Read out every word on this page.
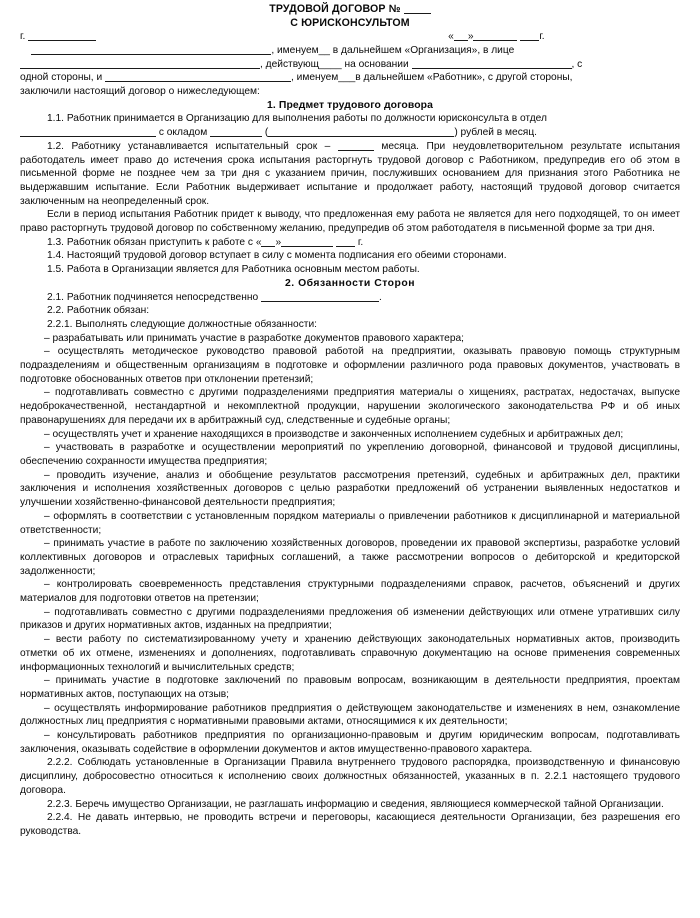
ТРУДОВОЙ ДОГОВОР №
С ЮРИСКОНСУЛЬТОМ
г.	« »	г.

, именуем__ в дальнейшем «Организация», в лице

, действующ____ на основании	, с

одной стороны, и	, именуем___в дальнейшем «Работник», с другой стороны,

заключили настоящий договор о нижеследующем:

1. Предмет трудового договора

1.1. Работник принимается в Организацию для выполнения работы по должности юрисконсульта в отдел

с окладом	(	) рублей в месяц.

1.2. Работнику устанавливается испытательный срок –	месяца. При неудовлетворительном результате испытания работодатель имеет право до истечения срока испытания расторгнуть трудовой договор с Работником, предупредив его об этом в письменной форме не позднее чем за три дня с указанием причин, послуживших основанием для признания этого Работника не выдержавшим испытание. Если Работник выдерживает испытание и продолжает работу, настоящий трудовой договор считается заключенным на неопределенный срок.

Если в период испытания Работник придет к выводу, что предложенная ему работа не является для него подходящей, то он имеет право расторгнуть трудовой договор по собственному желанию, предупредив об этом работодателя в письменной форме за три дня.

1.3. Работник обязан приступить к работе с « »	г.

1.4. Настоящий трудовой договор вступает в силу с момента подписания его обеими сторонами.

1.5. Работа в Организации является для Работника основным местом работы.

2. Обязанности Сторон

2.1. Работник подчиняется непосредственно	.

2.2. Работник обязан:

2.2.1. Выполнять следующие должностные обязанности:

– разрабатывать или принимать участие в разработке документов правового характера;

– осуществлять методическое руководство правовой работой на предприятии, оказывать правовую помощь структурным подразделениям и общественным организациям в подготовке и оформлении различного рода правовых документов, участвовать в подготовке обоснованных ответов при отклонении претензий;

– подготавливать совместно с другими подразделениями предприятия материалы о хищениях, растратах, недостачах, выпуске недоброкачественной, нестандартной и некомплектной продукции, нарушении экологического законодательства РФ и об иных правонарушениях для передачи их в арбитражный суд, следственные и судебные органы;

– осуществлять учет и хранение находящихся в производстве и законченных исполнением судебных и арбитражных дел;

– участвовать в разработке и осуществлении мероприятий по укреплению договорной, финансовой и трудовой дисциплины, обеспечению сохранности имущества предприятия;

– проводить изучение, анализ и обобщение результатов рассмотрения претензий, судебных и арбитражных дел, практики заключения и исполнения хозяйственных договоров с целью разработки предложений об устранении выявленных недостатков и улучшении хозяйственно-финансовой деятельности предприятия;

– оформлять в соответствии с установленным порядком материалы о привлечении работников к дисциплинарной и материальной ответственности;

– принимать участие в работе по заключению хозяйственных договоров, проведении их правовой экспертизы, разработке условий коллективных договоров и отраслевых тарифных соглашений, а также рассмотрении вопросов о дебиторской и кредиторской задолженности;

– контролировать своевременность представления структурными подразделениями справок, расчетов, объяснений и других материалов для подготовки ответов на претензии;

– подготавливать совместно с другими подразделениями предложения об изменении действующих или отмене утративших силу приказов и других нормативных актов, изданных на предприятии;

– вести работу по систематизированному учету и хранению действующих законодательных нормативных актов, производить отметки об их отмене, изменениях и дополнениях, подготавливать справочную документацию на основе применения современных информационных технологий и вычислительных средств;

– принимать участие в подготовке заключений по правовым вопросам, возникающим в деятельности предприятия, проектам нормативных актов, поступающих на отзыв;

– осуществлять информирование работников предприятия о действующем законодательстве и изменениях в нем, ознакомление должностных лиц предприятия с нормативными правовыми актами, относящимися к их деятельности;

– консультировать работников предприятия по организационно-правовым и другим юридическим вопросам, подготавливать заключения, оказывать содействие в оформлении документов и актов имущественно-правового характера.

2.2.2. Соблюдать установленные в Организации Правила внутреннего трудового распорядка, производственную и финансовую дисциплину, добросовестно относиться к исполнению своих должностных обязанностей, указанных в п. 2.2.1 настоящего трудового договора.

2.2.3. Беречь имущество Организации, не разглашать информацию и сведения, являющиеся коммерческой тайной Организации.

2.2.4. Не давать интервью, не проводить встречи и переговоры, касающиеся деятельности Организации, без разрешения его руководства.
